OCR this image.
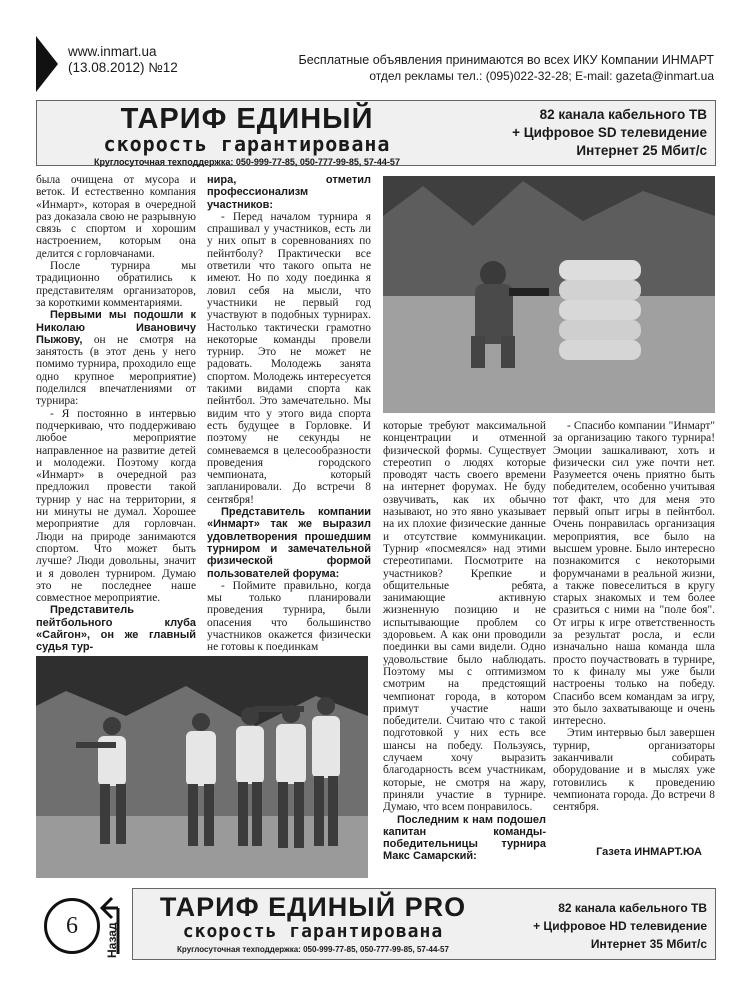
www.inmart.ua
(13.08.2012) №12	Бесплатные объявления принимаются во всех ИКУ Компании ИНМАРТ
отдел рекламы тел.: (095)022-32-28; E-mail: gazeta@inmart.ua
ТАРИФ ЕДИНЫЙ
скорость гарантирована
Круглосуточная техподдержка: 050-999-77-85, 050-777-99-85, 57-44-57
82 канала кабельного ТВ
+ Цифровое SD телевидение
Интернет 25 Мбит/с

была очищена от мусора и веток. И естественно компания «Инмарт», которая в очередной раз доказала свою не разрывную связь с спортом и хорошим настроением, которым она делится с горловчанами.

После турнира мы традиционно обратились к представителям организаторов, за короткими комментариями.

Первыми мы подошли к Николаю Ивановичу Пыжову, он не смотря на занятость (в этот день у него помимо турнира, проходило еще одно крупное мероприятие) поделился впечатлениями от турнира:

- Я постоянно в интервью подчеркиваю, что поддерживаю любое мероприятие направленное на развитие детей и молодежи. Поэтому когда «Инмарт» в очередной раз предложил провести такой турнир у нас на территории, я ни минуты не думал. Хорошее мероприятие для горловчан. Люди на природе занимаются спортом. Что может быть лучше? Люди довольны, значит и я доволен турниром. Думаю это не последнее наше совместное мероприятие.

Представитель пейтбольного клуба «Сайгон», он же главный судья тур-

нира, отметил профессионализм участников:

- Перед началом турнира я спрашивал у участников, есть ли у них опыт в соревнованиях по пейнтболу? Практически все ответили что такого опыта не имеют. Но по ходу поединка я ловил себя на мысли, что участники не первый год участвуют в подобных турнирах. Настолько тактически грамотно некоторые команды провели турнир. Это не может не радовать. Молодежь занята спортом. Молодежь интересуется такими видами спорта как пейнтбол. Это замечательно. Мы видим что у этого вида спорта есть будущее в Горловке. И поэтому не секунды не сомневаемся в целесообразности проведения городского чемпионата, который запланировали. До встречи 8 сентября!

Представитель компании «Инмарт» так же выразил удовлетворения прошедшим турниром и замечательной физической формой пользователей форума:

- Поймите правильно, когда мы только планировали проведения турнира, были опасения что большинство участников окажется физически не готовы к поединкам

которые требуют максимальной концентрации и отменной физической формы. Существует стереотип о людях которые проводят часть своего времени на интернет форумах. Не буду озвучивать, как их обычно называют, но это явно указывает на их плохие физические данные и отсутствие коммуникации. Турнир «посмеялся» над этими стереотипами. Посмотрите на участников? Крепкие и общительные ребята, занимающие активную жизненную позицию и не испытывающие проблем со здоровьем. А как они проводили поединки вы сами видели. Одно удовольствие было наблюдать. Поэтому мы с оптимизмом смотрим на предстоящий чемпионат города, в котором примут участие наши победители. Считаю что с такой подготовкой у них есть все шансы на победу. Пользуясь, случаем хочу выразить благодарность всем участникам, которые, не смотря на жару, приняли участие в турнире. Думаю, что всем понравилось.

Последним к нам подошел капитан команды-победительницы турнира Макс Самарский:

- Спасибо компании "Инмарт" за организацию такого турнира! Эмоции зашкаливают, хоть и физически сил уже почти нет. Разумеется очень приятно быть победителем, особенно учитывая тот факт, что для меня это первый опыт игры в пейнтбол. Очень понравилась организация мероприятия, все было на высшем уровне. Было интересно познакомится с некоторыми форумчанами в реальной жизни, а также повеселиться в кругу старых знакомых и тем более сразиться с ними на "поле боя". От игры к игре ответственность за результат росла, и если изначально наша команда шла просто поучаствовать в турнире, то к финалу мы уже были настроены только на победу. Спасибо всем командам за игру, это было захватывающе и очень интересно.

Этим интервью был завершен турнир, организаторы заканчивали собирать оборудование и в мыслях уже готовились к проведению чемпионата города. До встречи 8 сентября.

Газета ИНМАРТ.ЮА
6	Назад
ТАРИФ ЕДИНЫЙ PRO
скорость гарантирована
Круглосуточная техподдержка: 050-999-77-85, 050-777-99-85, 57-44-57
82 канала кабельного ТВ
+ Цифровое HD телевидение
Интернет 35 Мбит/с
